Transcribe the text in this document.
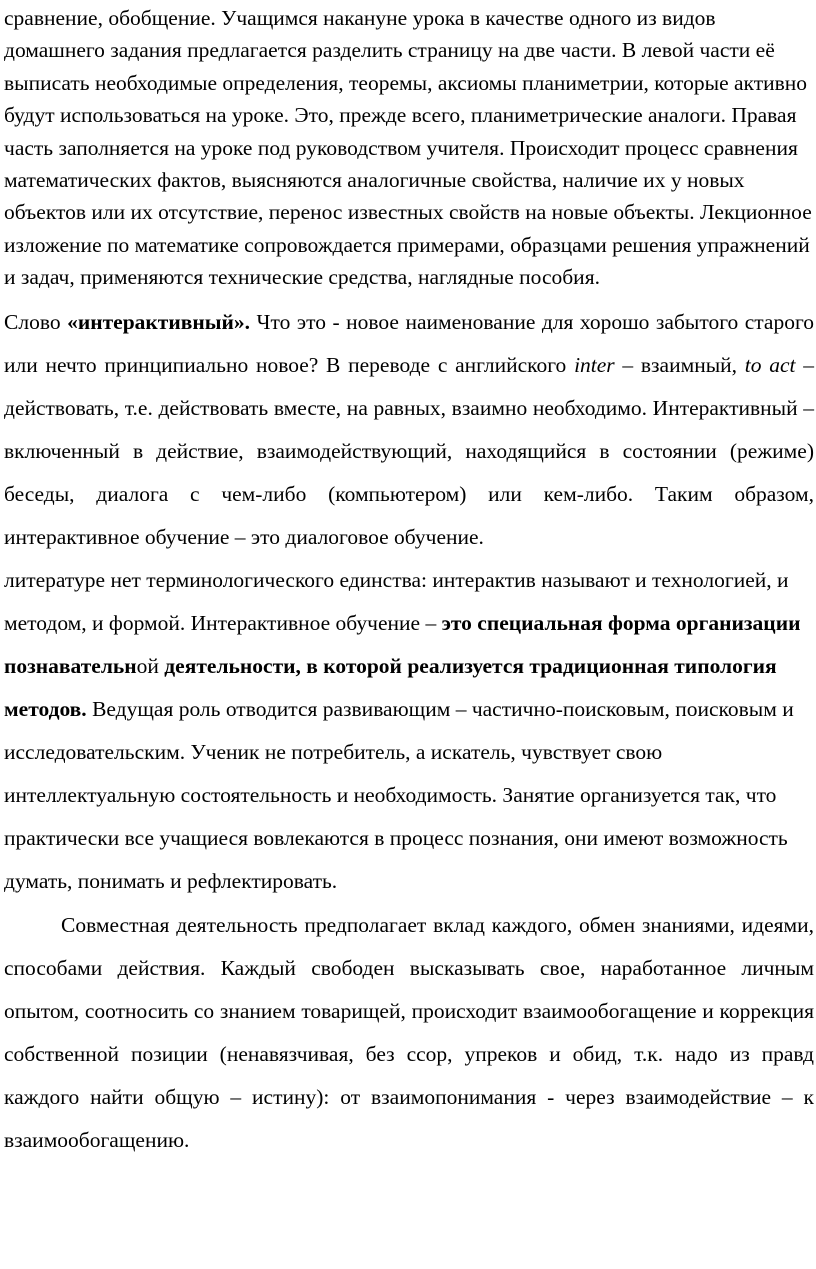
сравнение, обобщение. Учащимся накануне урока в качестве одного из видов домашнего задания предлагается разделить страницу на две части. В левой части её выписать необходимые определения, теоремы, аксиомы планиметрии, которые активно будут использоваться на уроке. Это, прежде всего, планиметрические аналоги. Правая часть заполняется на уроке под руководством учителя. Происходит процесс сравнения математических фактов, выясняются аналогичные свойства, наличие их у новых объектов или их отсутствие, перенос известных свойств на новые объекты. Лекционное изложение по математике сопровождается примерами, образцами решения упражнений и задач, применяются технические средства, наглядные пособия.

Слово «интерактивный». Что это - новое наименование для хорошо забытого старого или нечто принципиально новое? В переводе с английского inter – взаимный, to act – действовать, т.е. действовать вместе, на равных, взаимно необходимо. Интерактивный – включенный в действие, взаимодействующий, находящийся в состоянии (режиме) беседы, диалога с чем-либо (компьютером) или кем-либо. Таким образом, интерактивное обучение – это диалоговое обучение.

литературе нет терминологического единства: интерактив называют и технологией, и методом, и формой. Интерактивное обучение – это специальная форма организации познавательной деятельности, в которой реализуется традиционная типология методов. Ведущая роль отводится развивающим – частично-поисковым, поисковым и исследовательским. Ученик не потребитель, а искатель, чувствует свою интеллектуальную состоятельность и необходимость. Занятие организуется так, что практически все учащиеся вовлекаются в процесс познания, они имеют возможность думать, понимать и рефлектировать.

Совместная деятельность предполагает вклад каждого, обмен знаниями, идеями, способами действия. Каждый свободен высказывать свое, наработанное личным опытом, соотносить со знанием товарищей, происходит взаимообогащение и коррекция собственной позиции (ненавязчивая, без ссор, упреков и обид, т.к. надо из правд каждого найти общую – истину): от взаимопонимания - через взаимодействие – к взаимообогащению.
